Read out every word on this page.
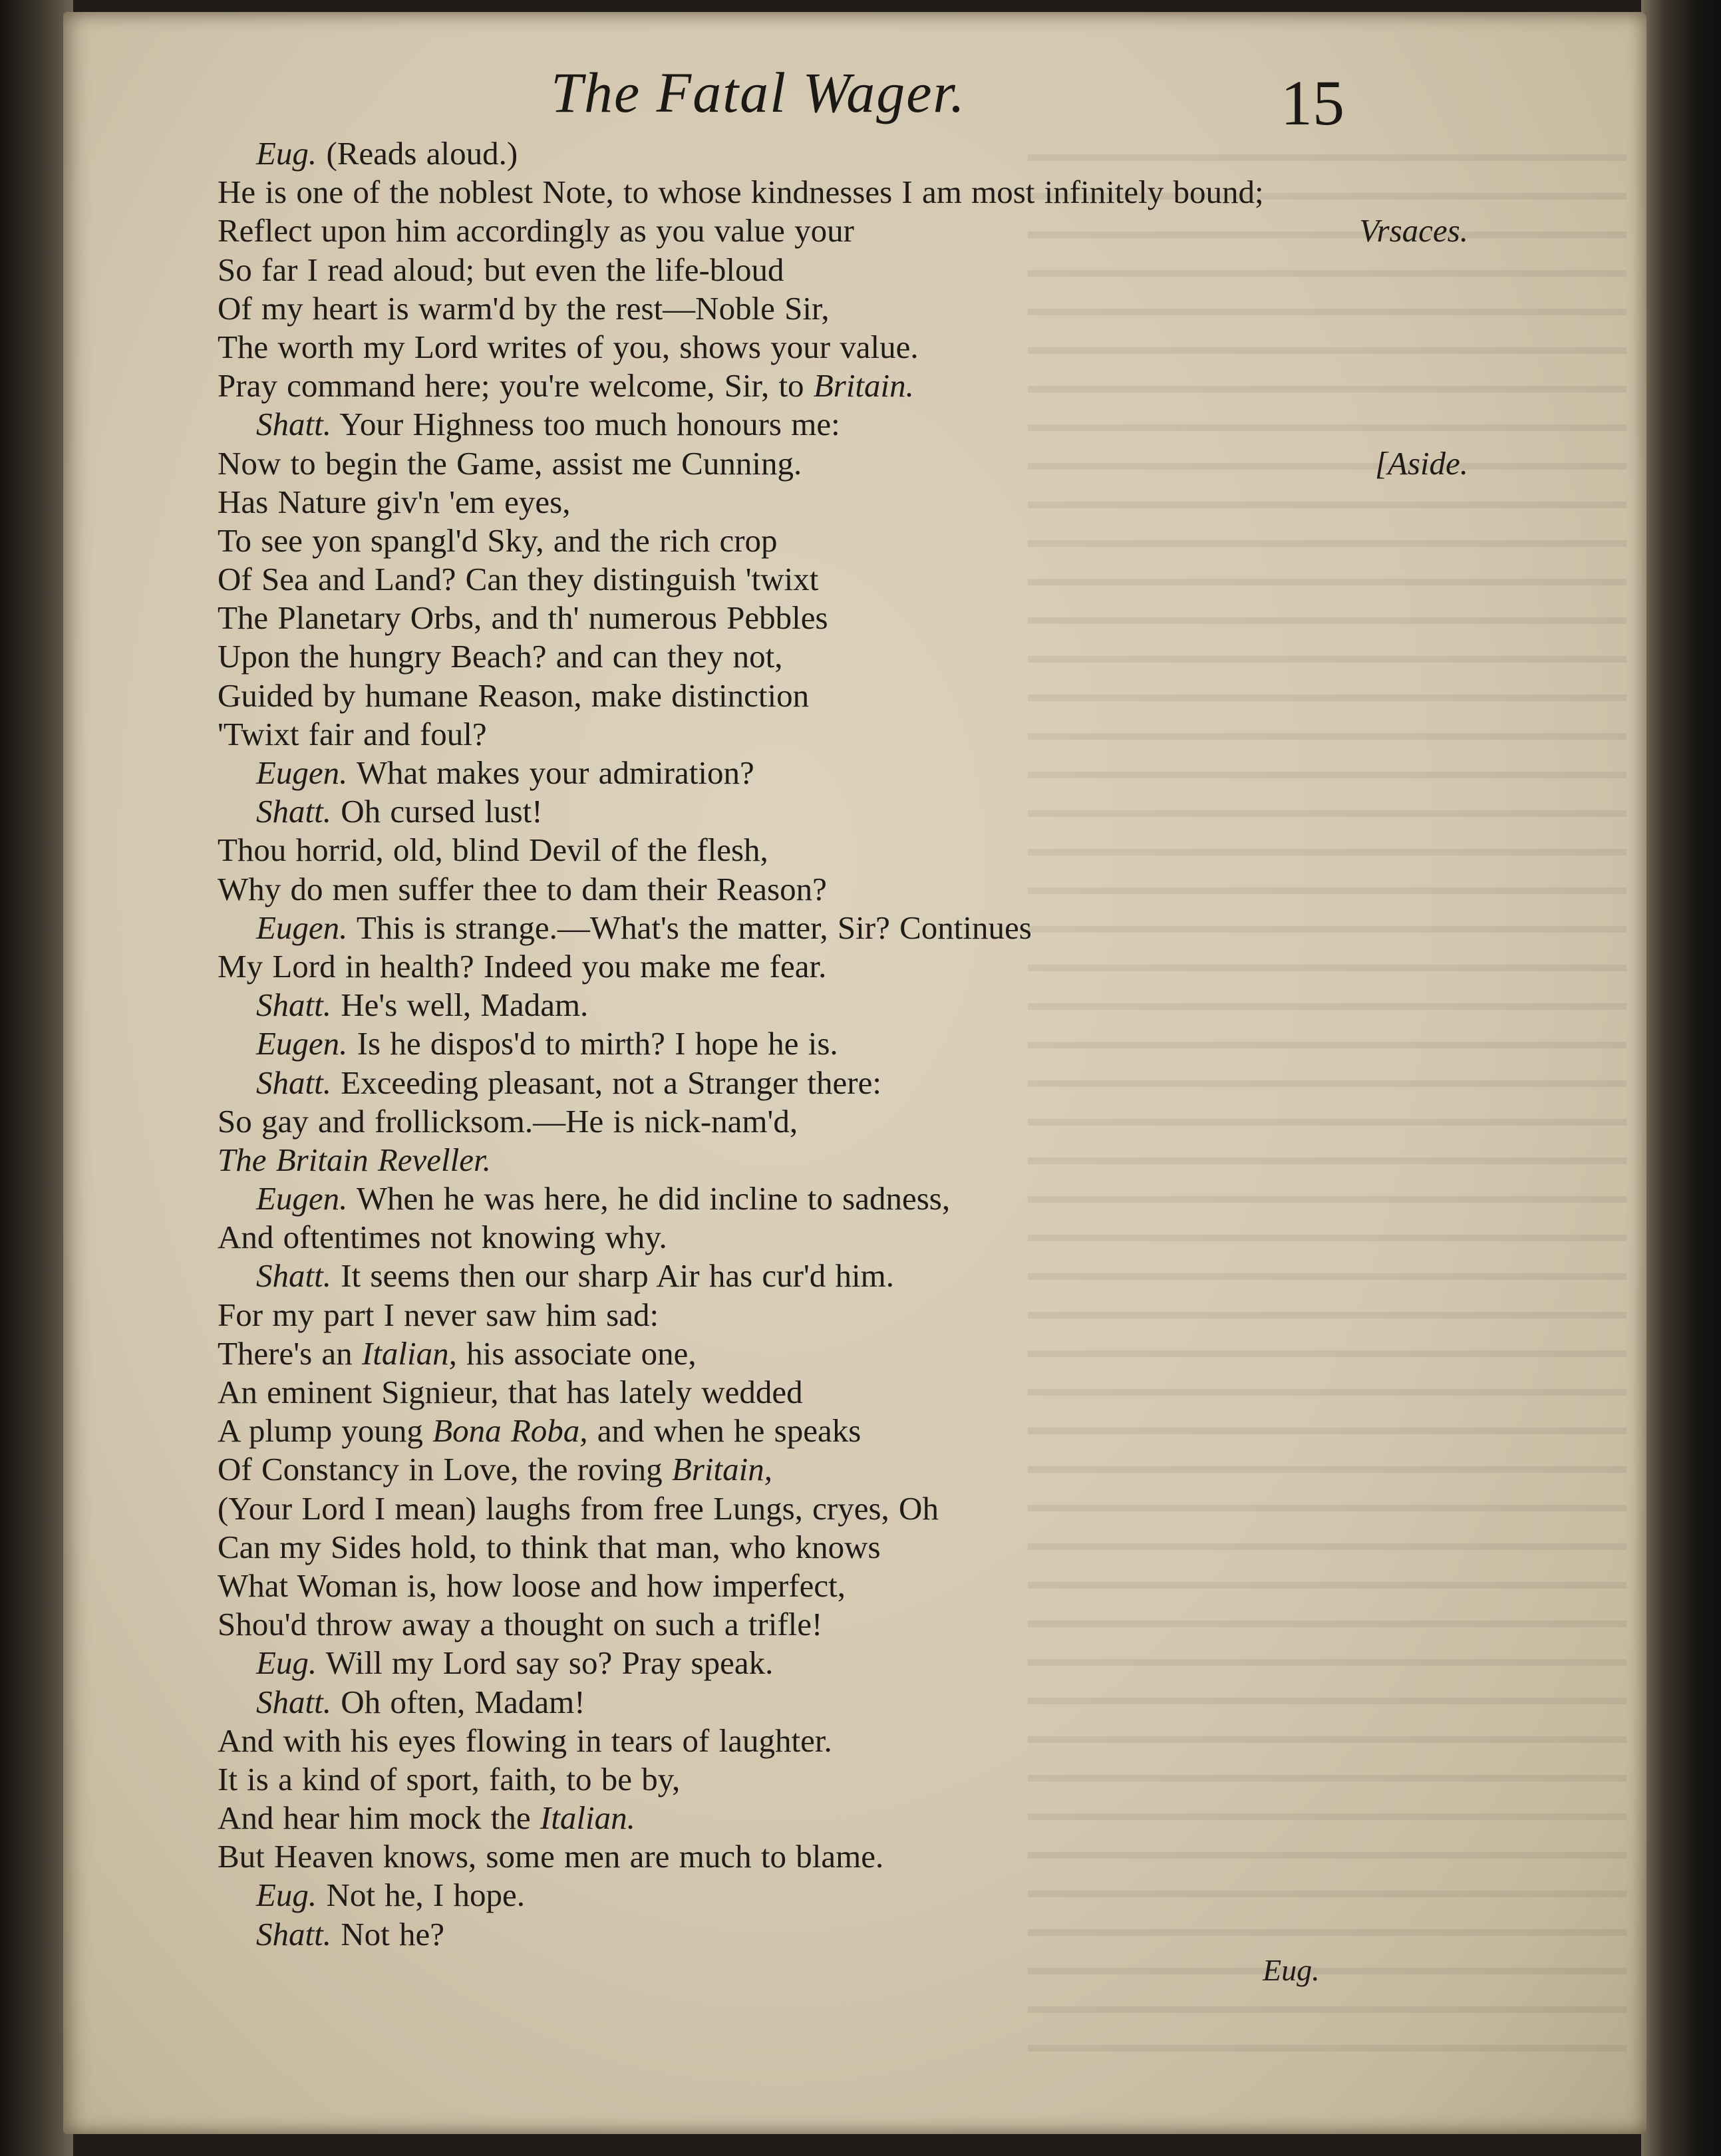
The Fatal Wager.	15
Eug. (Reads aloud.)
He is one of the noblest Note, to whose kindnesses I am most infinitely bound;
Reflect upon him accordingly as you value your	Vrsaces.
So far I read aloud; but even the life-bloud
Of my heart is warm'd by the rest—Noble Sir,
The worth my Lord writes of you, shows your value.
Pray command here; you're welcome, Sir, to Britain.
Shatt. Your Highness too much honours me:
Now to begin the Game, assist me Cunning.	[Aside.
Has Nature giv'n 'em eyes,
To see yon spangl'd Sky, and the rich crop
Of Sea and Land? Can they distinguish 'twixt
The Planetary Orbs, and th' numerous Pebbles
Upon the hungry Beach? and can they not,
Guided by humane Reason, make distinction
'Twixt fair and foul?
Eugen. What makes your admiration?
Shatt. Oh cursed lust!
Thou horrid, old, blind Devil of the flesh,
Why do men suffer thee to dam their Reason?
Eugen. This is strange.—What's the matter, Sir? Continues
My Lord in health? Indeed you make me fear.
Shatt. He's well, Madam.
Eugen. Is he dispos'd to mirth? I hope he is.
Shatt. Exceeding pleasant, not a Stranger there:
So gay and frollicksom.—He is nick-nam'd,
The Britain Reveller.
Eugen. When he was here, he did incline to sadness,
And oftentimes not knowing why.
Shatt. It seems then our sharp Air has cur'd him.
For my part I never saw him sad:
There's an Italian, his associate one,
An eminent Signieur, that has lately wedded
A plump young Bona Roba, and when he speaks
Of Constancy in Love, the roving Britain,
(Your Lord I mean) laughs from free Lungs, cryes, Oh
Can my Sides hold, to think that man, who knows
What Woman is, how loose and how imperfect,
Shou'd throw away a thought on such a trifle!
Eug. Will my Lord say so? Pray speak.
Shatt. Oh often, Madam!
And with his eyes flowing in tears of laughter.
It is a kind of sport, faith, to be by,
And hear him mock the Italian.
But Heaven knows, some men are much to blame.
Eug. Not he, I hope.
Shatt. Not he?
Eug.
